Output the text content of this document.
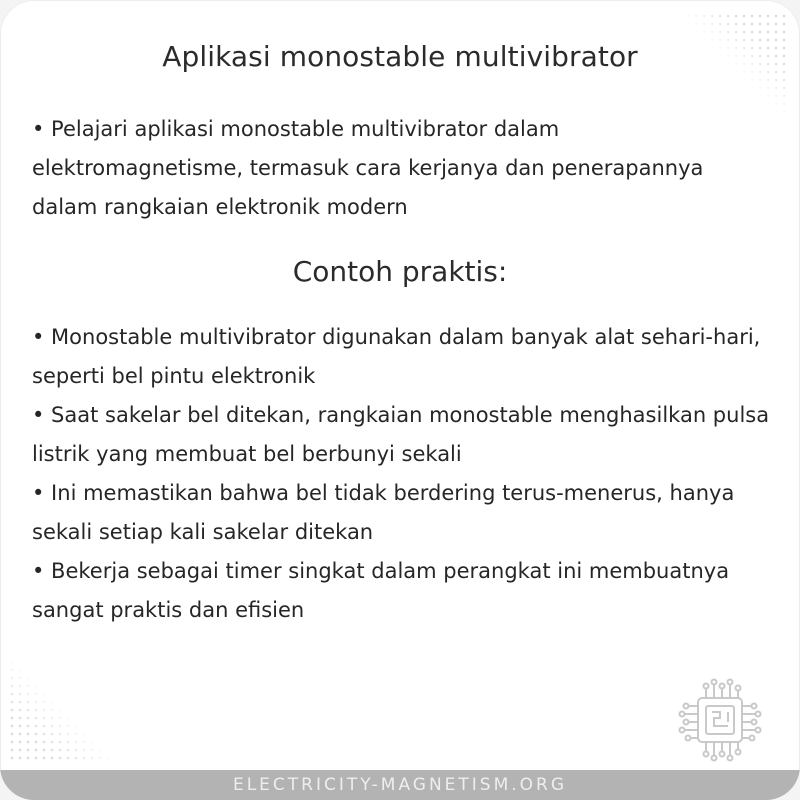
Aplikasi monostable multivibrator

• Pelajari aplikasi monostable multivibrator dalam elektromagnetisme, termasuk cara kerjanya dan penerapannya dalam rangkaian elektronik modern

Contoh praktis:

• Monostable multivibrator digunakan dalam banyak alat sehari-hari, seperti bel pintu elektronik

• Saat sakelar bel ditekan, rangkaian monostable menghasilkan pulsa listrik yang membuat bel berbunyi sekali

• Ini memastikan bahwa bel tidak berdering terus-menerus, hanya sekali setiap kali sakelar ditekan

• Bekerja sebagai timer singkat dalam perangkat ini membuatnya sangat praktis dan efisien

ELECTRICITY-MAGNETISM.ORG
